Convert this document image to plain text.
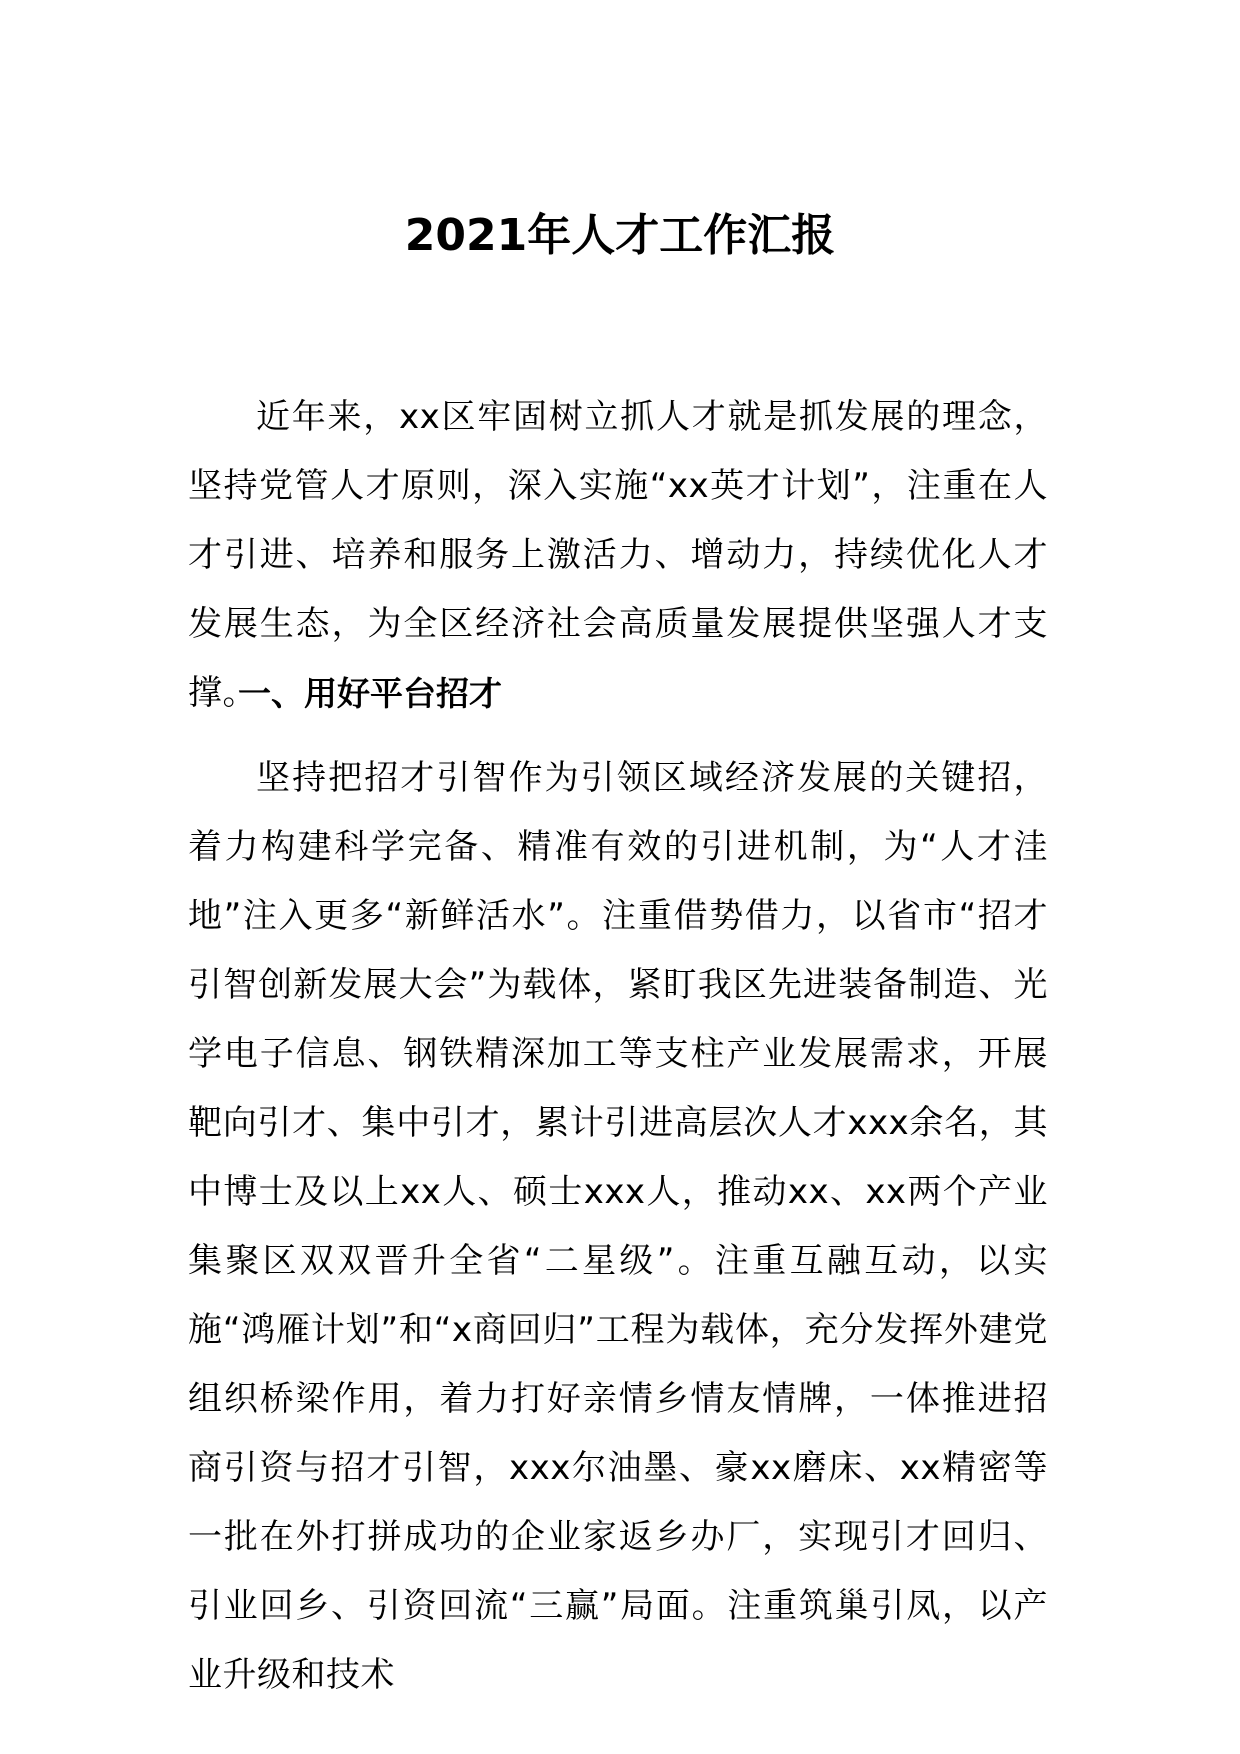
2021年人才工作汇报

近年来，xx区牢固树立抓人才就是抓发展的理念，坚持党管人才原则，深入实施“xx英才计划”，注重在人才引进、培养和服务上激活力、增动力，持续优化人才发展生态，为全区经济社会高质量发展提供坚强人才支撑。

一、用好平台招才

坚持把招才引智作为引领区域经济发展的关键招，着力构建科学完备、精准有效的引进机制，为“人才洼地”注入更多“新鲜活水”。注重借势借力，以省市“招才引智创新发展大会”为载体，紧盯我区先进装备制造、光学电子信息、钢铁精深加工等支柱产业发展需求，开展靶向引才、集中引才，累计引进高层次人才xxx余名，其中博士及以上xx人、硕士xxx人，推动xx、xx两个产业集聚区双双晋升全省“二星级”。注重互融互动，以实施“鸿雁计划”和“x商回归”工程为载体，充分发挥外建党组织桥梁作用，着力打好亲情乡情友情牌，一体推进招商引资与招才引智，xxx尔油墨、豪xx磨床、xx精密等一批在外打拼成功的企业家返乡办厂，实现引才回归、引业回乡、引资回流“三赢”局面。注重筑巢引凤，以产业升级和技术
